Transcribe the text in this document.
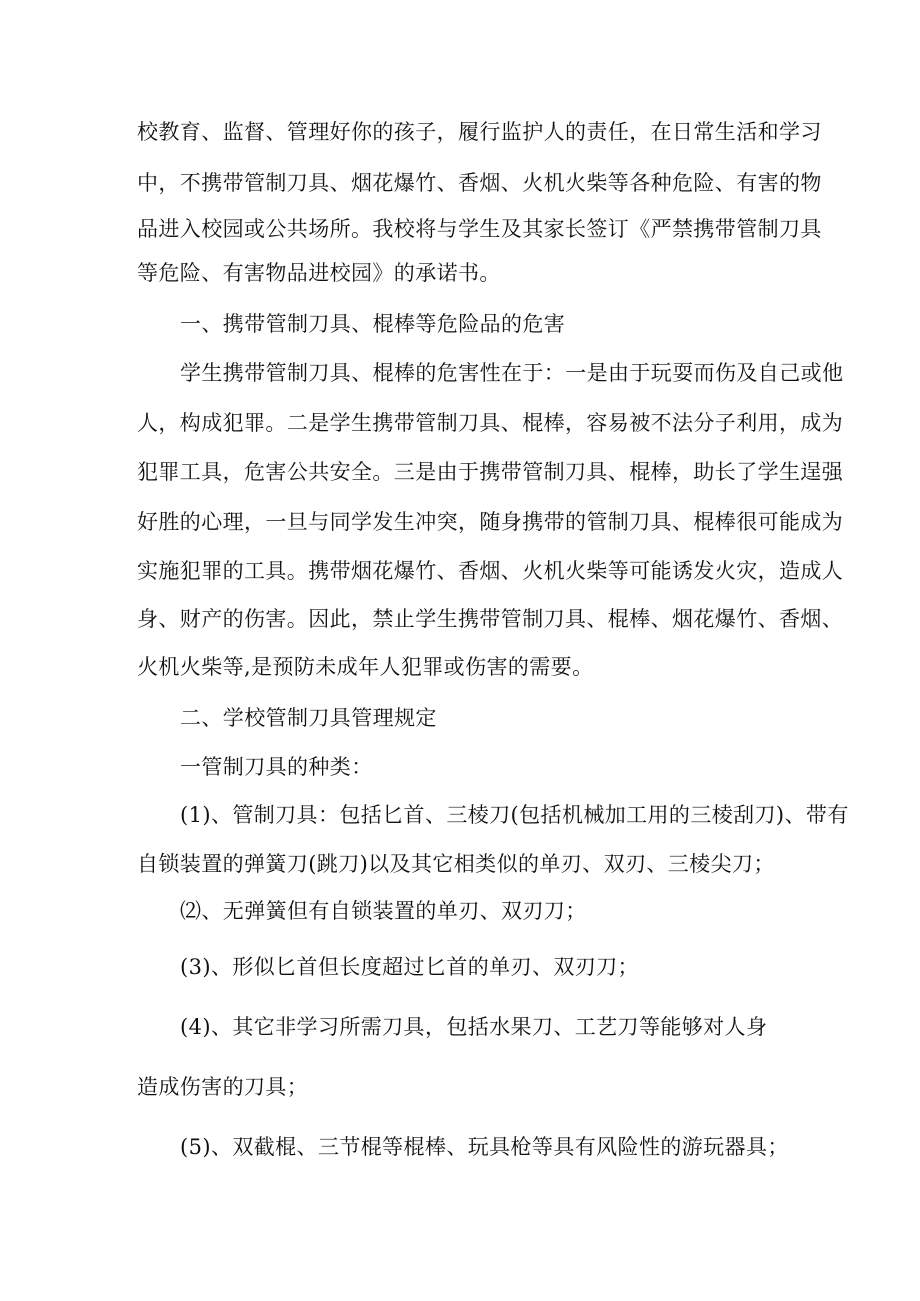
校教育、监督、管理好你的孩子，履行监护人的责任，在日常生活和学习
中，不携带管制刀具、烟花爆竹、香烟、火机火柴等各种危险、有害的物
品进入校园或公共场所。我校将与学生及其家长签订《严禁携带管制刀具
等危险、有害物品进校园》的承诺书。
一、携带管制刀具、棍棒等危险品的危害
学生携带管制刀具、棍棒的危害性在于：一是由于玩耍而伤及自己或他
人，构成犯罪。二是学生携带管制刀具、棍棒，容易被不法分子利用，成为
犯罪工具，危害公共安全。三是由于携带管制刀具、棍棒，助长了学生逞强
好胜的心理，一旦与同学发生冲突，随身携带的管制刀具、棍棒很可能成为
实施犯罪的工具。携带烟花爆竹、香烟、火机火柴等可能诱发火灾，造成人
身、财产的伤害。因此，禁止学生携带管制刀具、棍棒、烟花爆竹、香烟、
火机火柴等,是预防未成年人犯罪或伤害的需要。
二、学校管制刀具管理规定
一管制刀具的种类：
(1)、管制刀具：包括匕首、三棱刀(包括机械加工用的三棱刮刀)、带有
自锁装置的弹簧刀(跳刀)以及其它相类似的单刃、双刃、三棱尖刀；
⑵、无弹簧但有自锁装置的单刃、双刃刀；
(3)、形似匕首但长度超过匕首的单刃、双刃刀；
(4)、其它非学习所需刀具，包括水果刀、工艺刀等能够对人身
造成伤害的刀具；
(5)、双截棍、三节棍等棍棒、玩具枪等具有风险性的游玩器具；
